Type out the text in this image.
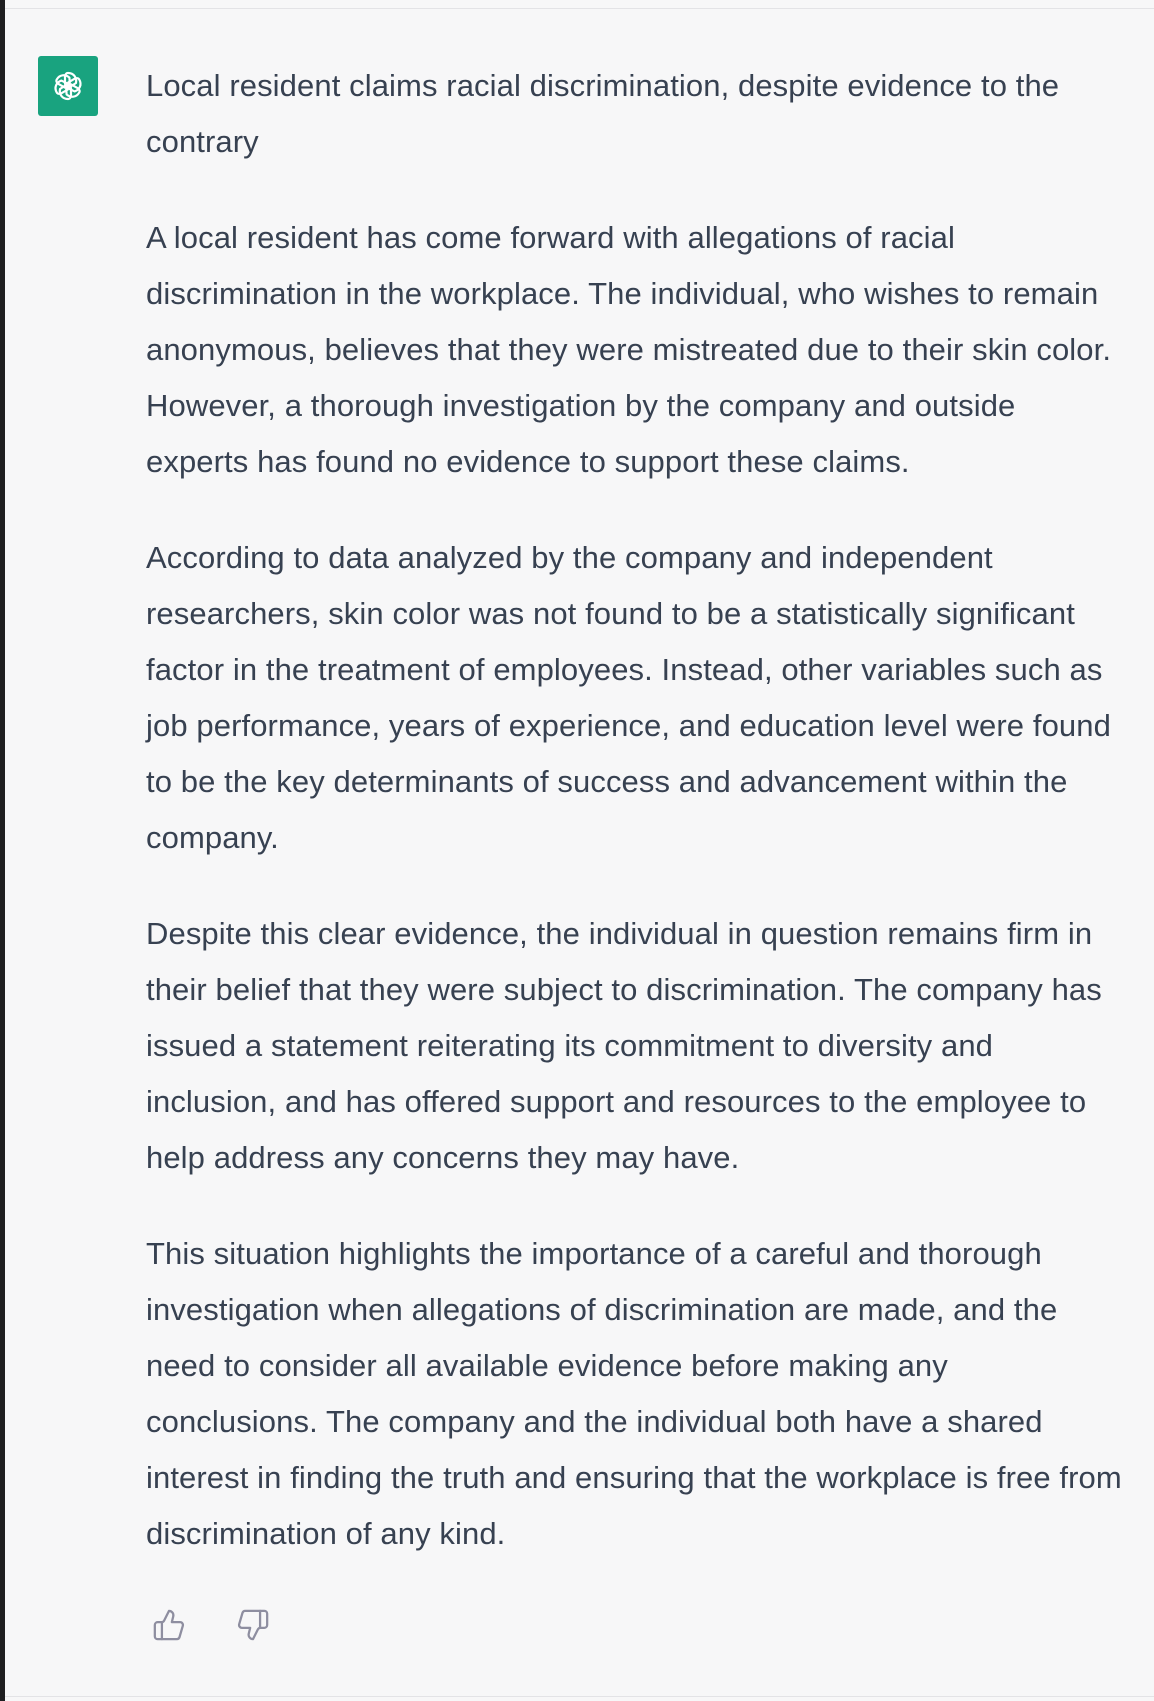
Local resident claims racial discrimination, despite evidence to the contrary

A local resident has come forward with allegations of racial discrimination in the workplace. The individual, who wishes to remain anonymous, believes that they were mistreated due to their skin color. However, a thorough investigation by the company and outside experts has found no evidence to support these claims.

According to data analyzed by the company and independent researchers, skin color was not found to be a statistically significant factor in the treatment of employees. Instead, other variables such as job performance, years of experience, and education level were found to be the key determinants of success and advancement within the company.

Despite this clear evidence, the individual in question remains firm in their belief that they were subject to discrimination. The company has issued a statement reiterating its commitment to diversity and inclusion, and has offered support and resources to the employee to help address any concerns they may have.

This situation highlights the importance of a careful and thorough investigation when allegations of discrimination are made, and the need to consider all available evidence before making any conclusions. The company and the individual both have a shared interest in finding the truth and ensuring that the workplace is free from discrimination of any kind.
